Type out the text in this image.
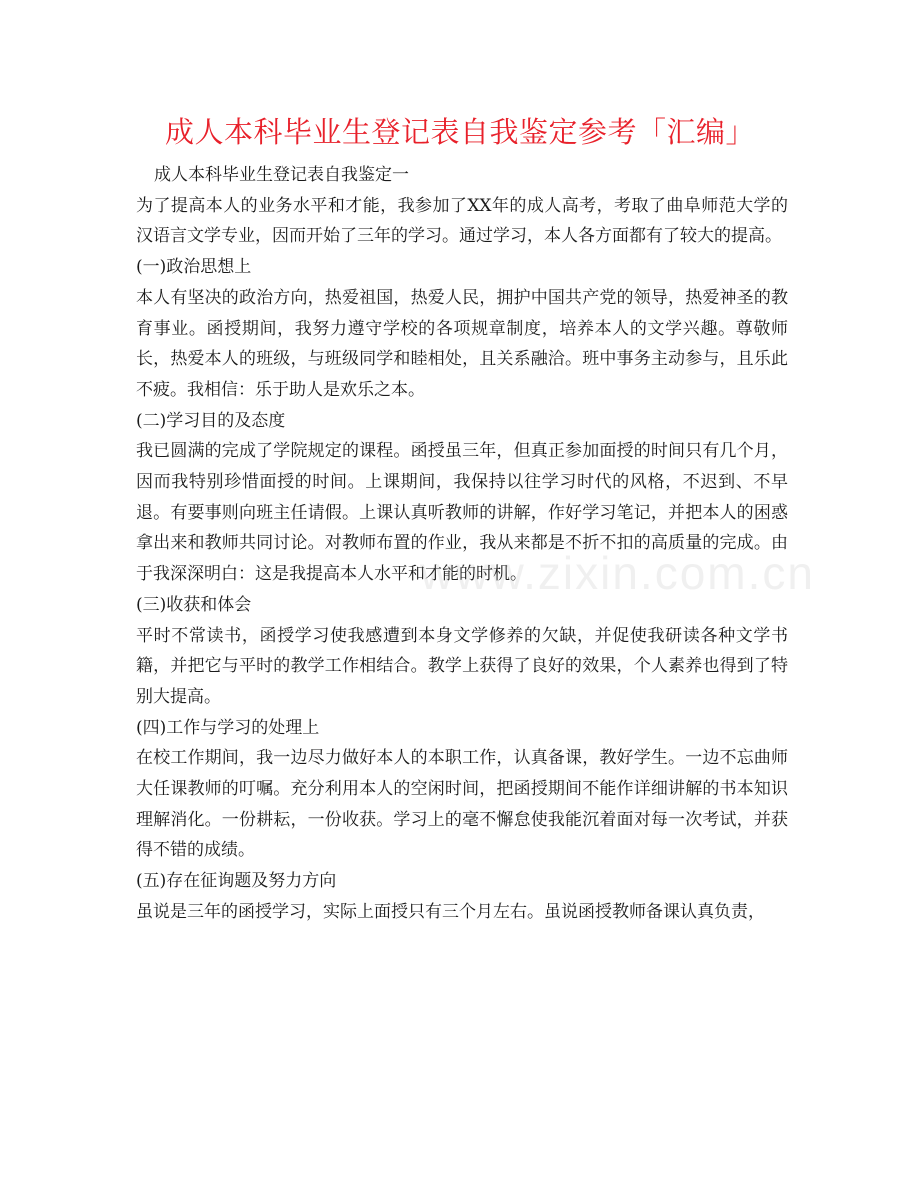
成人本科毕业生登记表自我鉴定参考「汇编」

成人本科毕业生登记表自我鉴定一

为了提高本人的业务水平和才能，我参加了XX年的成人高考，考取了曲阜师范大学的汉语言文学专业，因而开始了三年的学习。通过学习，本人各方面都有了较大的提高。

(一)政治思想上

本人有坚决的政治方向，热爱祖国，热爱人民，拥护中国共产党的领导，热爱神圣的教育事业。函授期间，我努力遵守学校的各项规章制度，培养本人的文学兴趣。尊敬师长，热爱本人的班级，与班级同学和睦相处，且关系融洽。班中事务主动参与，且乐此不疲。我相信：乐于助人是欢乐之本。

(二)学习目的及态度

我已圆满的完成了学院规定的课程。函授虽三年，但真正参加面授的时间只有几个月，因而我特别珍惜面授的时间。上课期间，我保持以往学习时代的风格，不迟到、不早退。有要事则向班主任请假。上课认真听教师的讲解，作好学习笔记，并把本人的困惑拿出来和教师共同讨论。对教师布置的作业，我从来都是不折不扣的高质量的完成。由于我深深明白：这是我提高本人水平和才能的时机。

(三)收获和体会

平时不常读书，函授学习使我感遭到本身文学修养的欠缺，并促使我研读各种文学书籍，并把它与平时的教学工作相结合。教学上获得了良好的效果，个人素养也得到了特别大提高。

(四)工作与学习的处理上

在校工作期间，我一边尽力做好本人的本职工作，认真备课，教好学生。一边不忘曲师大任课教师的叮嘱。充分利用本人的空闲时间，把函授期间不能作详细讲解的书本知识理解消化。一份耕耘，一份收获。学习上的毫不懈怠使我能沉着面对每一次考试，并获得不错的成绩。

(五)存在征询题及努力方向

虽说是三年的函授学习，实际上面授只有三个月左右。虽说函授教师备课认真负责，

www.zixin.com.cn
